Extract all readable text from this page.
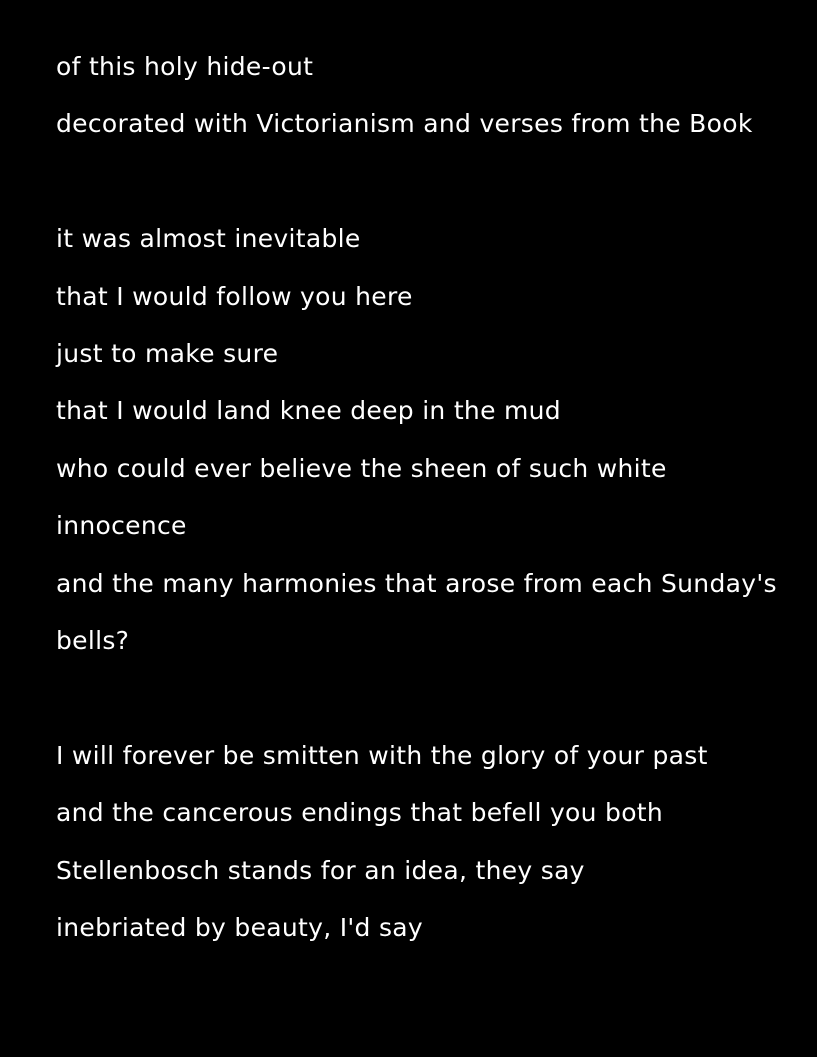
of this holy hide-out
decorated with Victorianism and verses from the Book
it was almost inevitable
that I would follow you here
just to make sure
that I would land knee deep in the mud
who could ever believe the sheen of such white
innocence
and the many harmonies that arose from each Sunday's
bells?
I will forever be smitten with the glory of your past
and the cancerous endings that befell you both
Stellenbosch stands for an idea, they say
inebriated by beauty, I'd say
